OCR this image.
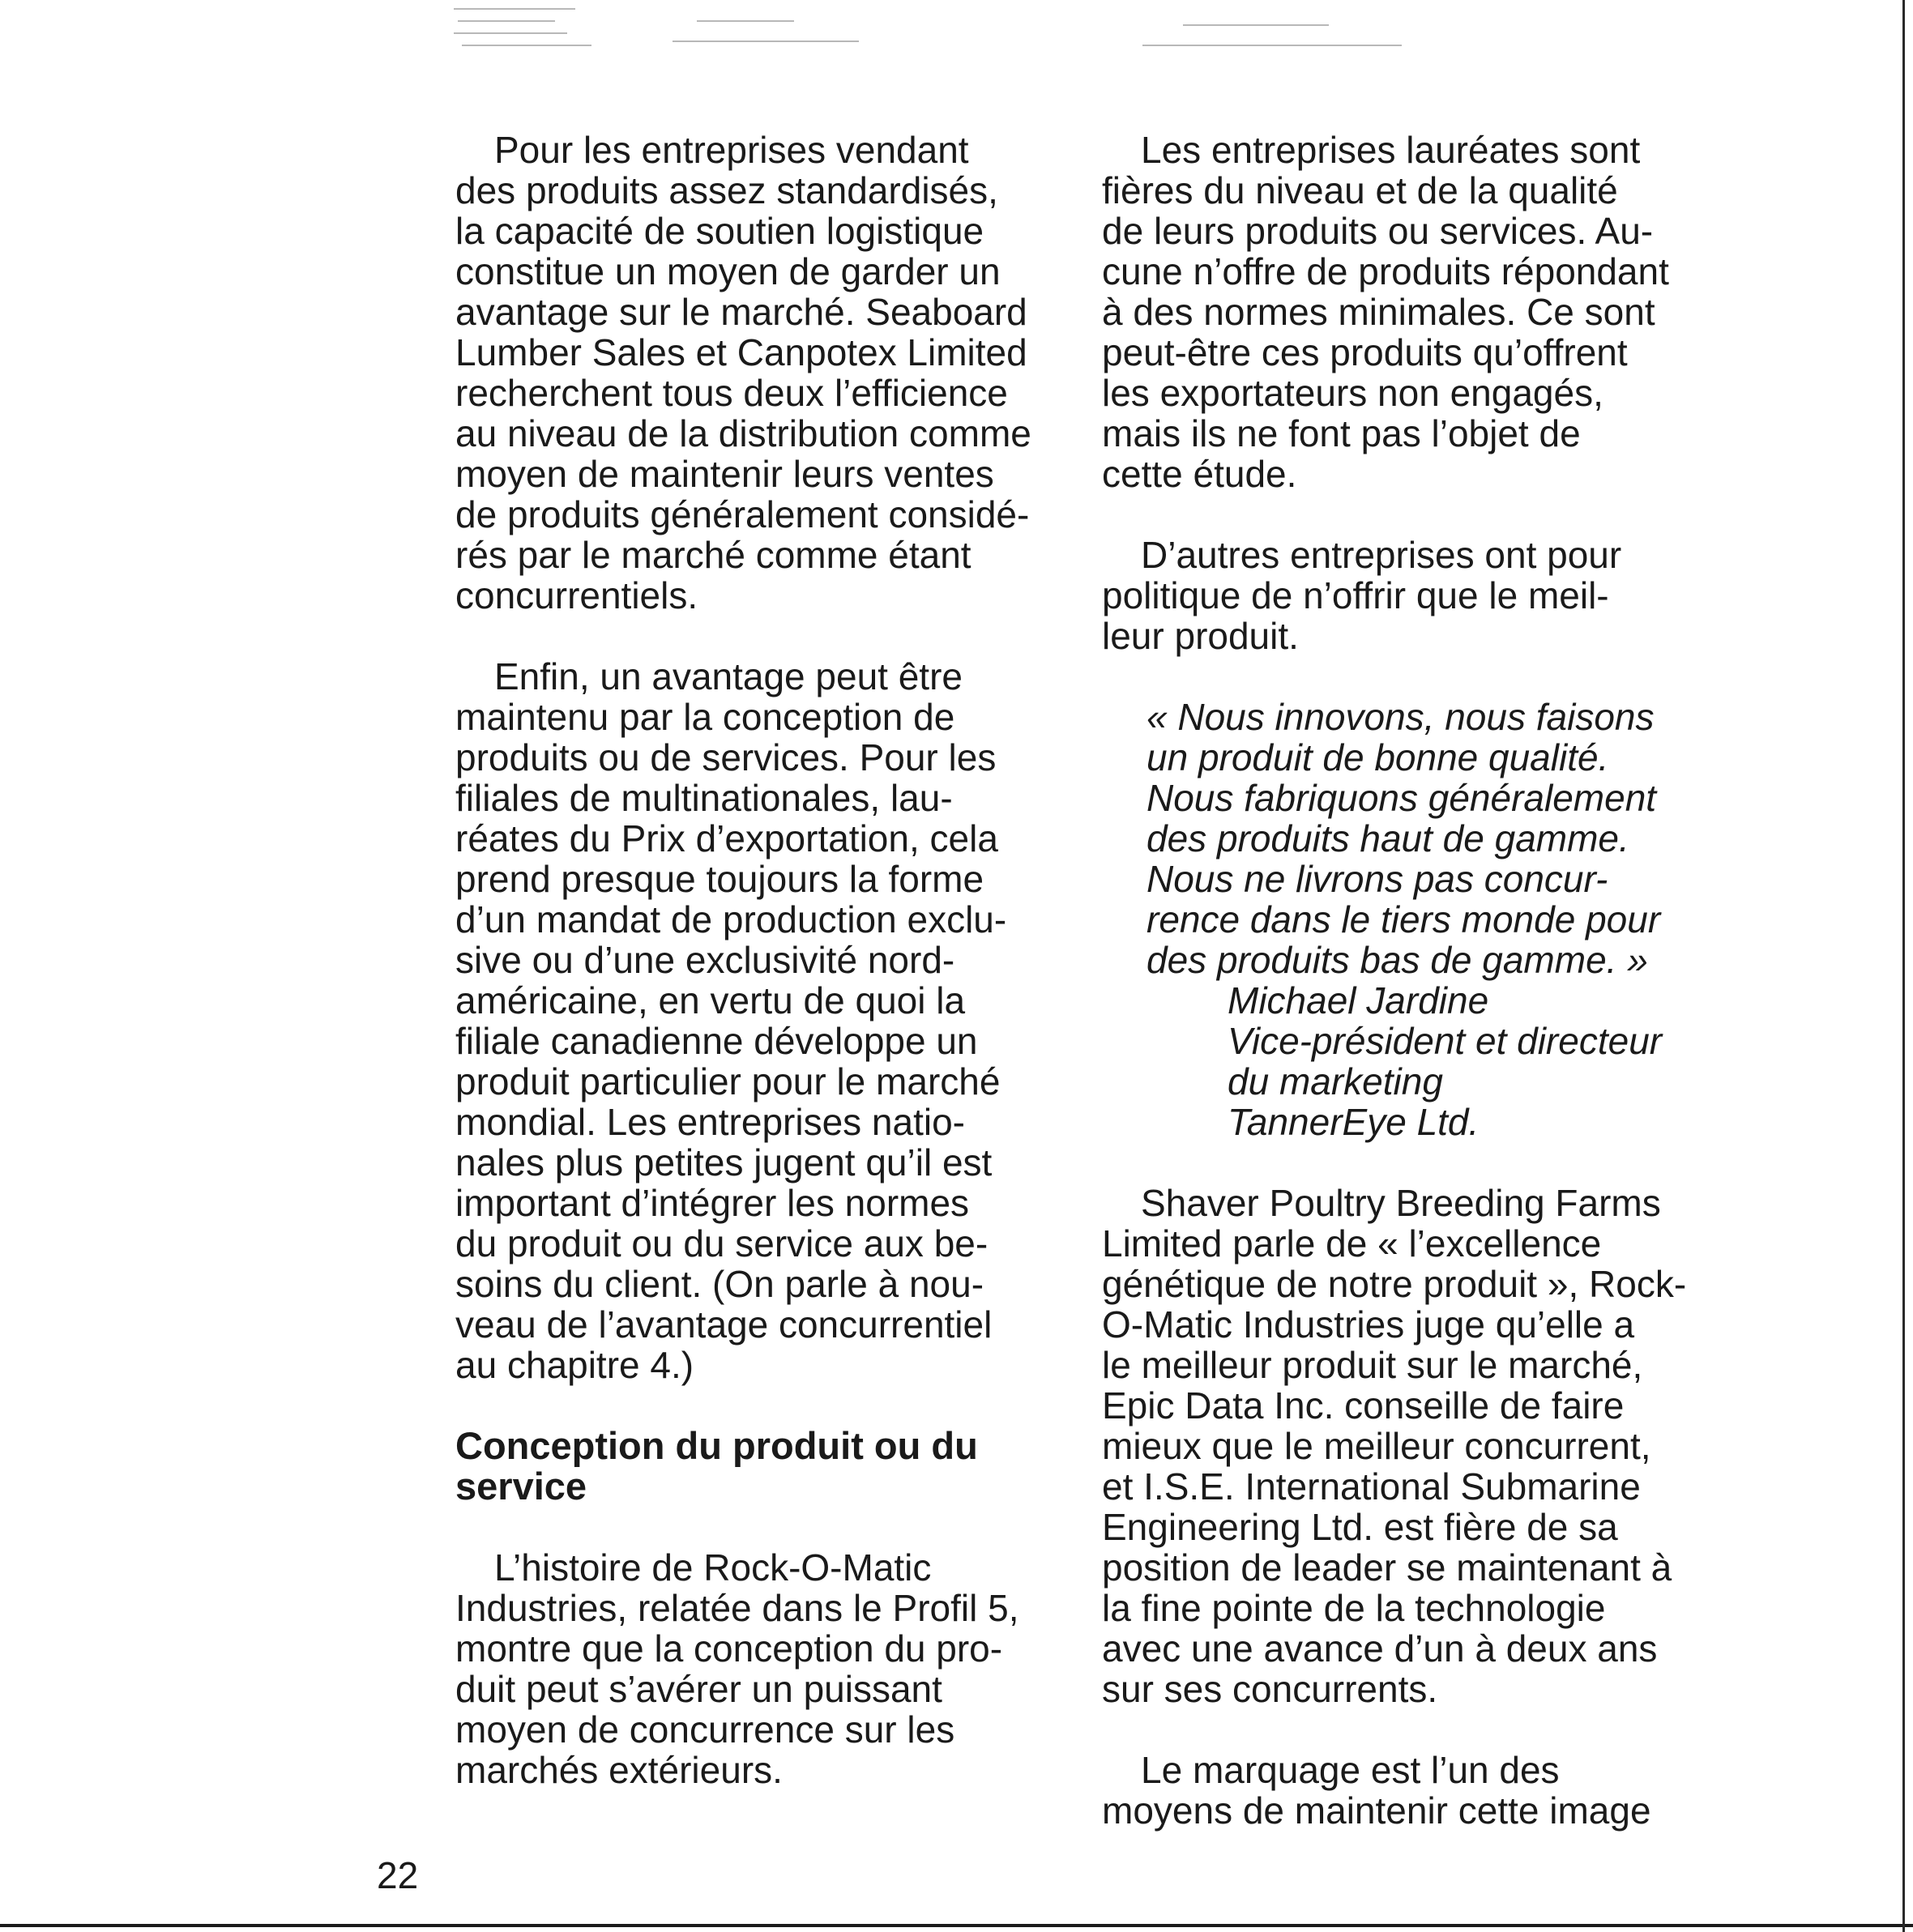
Pour les entreprises vendant
des produits assez standardisés,
la capacité de soutien logistique
constitue un moyen de garder un
avantage sur le marché. Seaboard
Lumber Sales et Canpotex Limited
recherchent tous deux l’efficience
au niveau de la distribution comme
moyen de maintenir leurs ventes
de produits généralement considé-
rés par le marché comme étant
concurrentiels.
Enfin, un avantage peut être
maintenu par la conception de
produits ou de services. Pour les
filiales de multinationales, lau-
réates du Prix d’exportation, cela
prend presque toujours la forme
d’un mandat de production exclu-
sive ou d’une exclusivité nord-
américaine, en vertu de quoi la
filiale canadienne développe un
produit particulier pour le marché
mondial. Les entreprises natio-
nales plus petites jugent qu’il est
important d’intégrer les normes
du produit ou du service aux be-
soins du client. (On parle à nou-
veau de l’avantage concurrentiel
au chapitre 4.)
Conception du produit ou du
service
L’histoire de Rock-O-Matic
Industries, relatée dans le Profil 5,
montre que la conception du pro-
duit peut s’avérer un puissant
moyen de concurrence sur les
marchés extérieurs.
Les entreprises lauréates sont
fières du niveau et de la qualité
de leurs produits ou services. Au-
cune n’offre de produits répondant
à des normes minimales. Ce sont
peut-être ces produits qu’offrent
les exportateurs non engagés,
mais ils ne font pas l’objet de
cette étude.
D’autres entreprises ont pour
politique de n’offrir que le meil-
leur produit.
« Nous innovons, nous faisons
un produit de bonne qualité.
Nous fabriquons généralement
des produits haut de gamme.
Nous ne livrons pas concur-
rence dans le tiers monde pour
des produits bas de gamme. »
Michael Jardine
Vice-président et directeur
du marketing
TannerEye Ltd.
Shaver Poultry Breeding Farms
Limited parle de « l’excellence
génétique de notre produit », Rock-
O-Matic Industries juge qu’elle a
le meilleur produit sur le marché,
Epic Data Inc. conseille de faire
mieux que le meilleur concurrent,
et I.S.E. International Submarine
Engineering Ltd. est fière de sa
position de leader se maintenant à
la fine pointe de la technologie
avec une avance d’un à deux ans
sur ses concurrents.
Le marquage est l’un des
moyens de maintenir cette image
22
